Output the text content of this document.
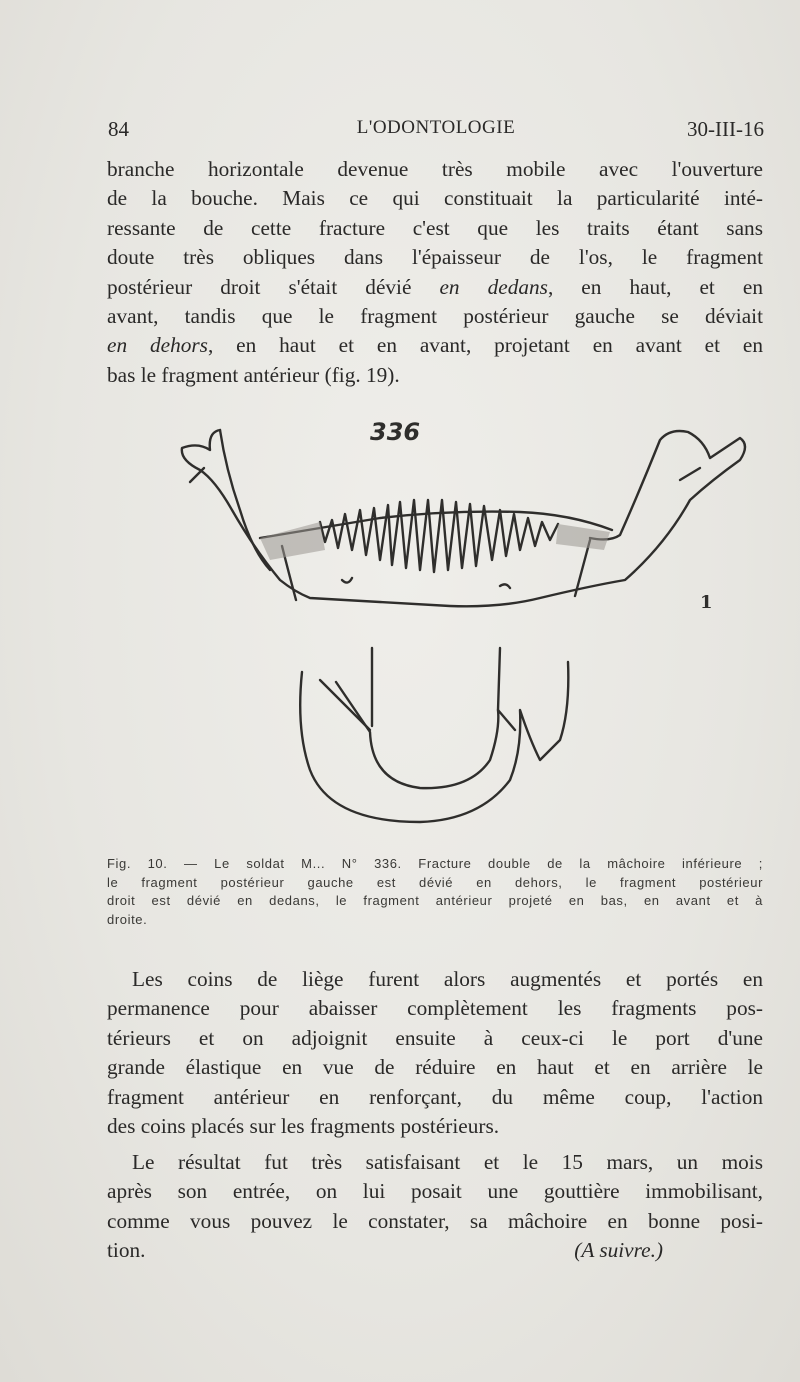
84	L'ODONTOLOGIE	30-III-16
branche horizontale devenue très mobile avec l'ouverture
de la bouche. Mais ce qui constituait la particularité inté-
ressante de cette fracture c'est que les traits étant sans
doute très obliques dans l'épaisseur de l'os, le fragment
postérieur droit s'était dévié en dedans, en haut, et en
avant, tandis que le fragment postérieur gauche se déviait
en dehors, en haut et en avant, projetant en avant et en
bas le fragment antérieur (fig. 19).
336
1
Fig. 10. — Le soldat M... N° 336. Fracture double de la mâchoire inférieure ;
le fragment postérieur gauche est dévié en dehors, le fragment postérieur
droit est dévié en dedans, le fragment antérieur projeté en bas, en avant et à
droite.
Les coins de liège furent alors augmentés et portés en
permanence pour abaisser complètement les fragments pos-
térieurs et on adjoignit ensuite à ceux-ci le port d'une
grande élastique en vue de réduire en haut et en arrière le
fragment antérieur en renforçant, du même coup, l'action
des coins placés sur les fragments postérieurs.
Le résultat fut très satisfaisant et le 15 mars, un mois
après son entrée, on lui posait une gouttière immobilisant,
comme vous pouvez le constater, sa mâchoire en bonne posi-
tion.	(A suivre.)
